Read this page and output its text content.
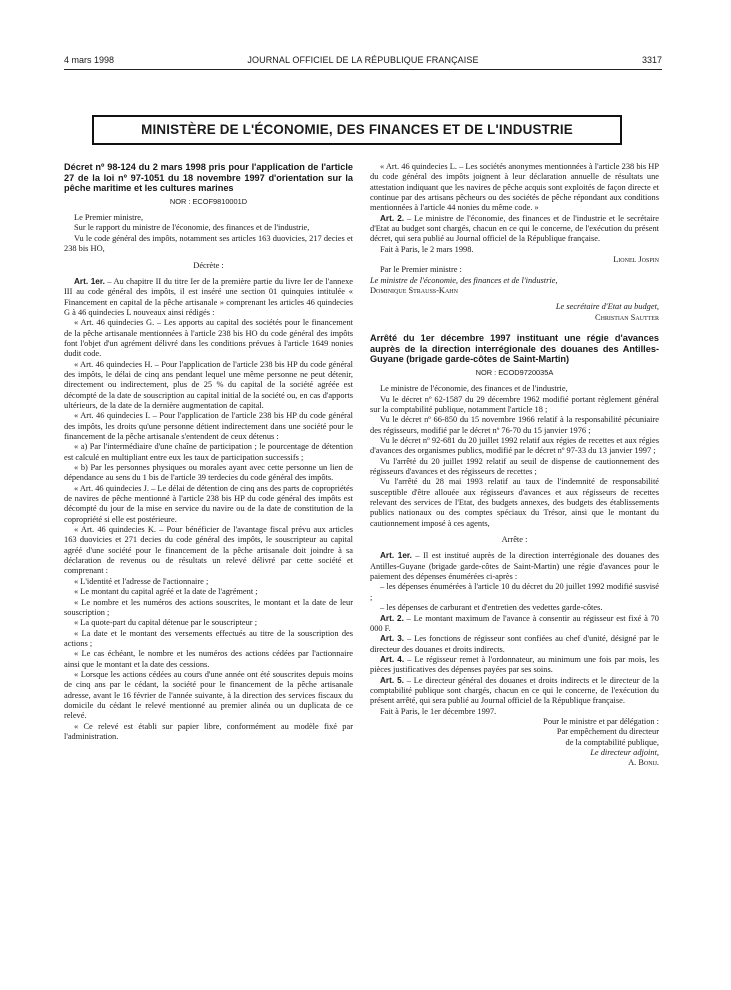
4 mars 1998	JOURNAL OFFICIEL DE LA RÉPUBLIQUE FRANÇAISE	3317
MINISTÈRE DE L'ÉCONOMIE, DES FINANCES ET DE L'INDUSTRIE

Décret nº 98-124 du 2 mars 1998 pris pour l'application de l'article 27 de la loi nº 97-1051 du 18 novembre 1997 d'orientation sur la pêche maritime et les cultures marines

NOR : ECOF9810001D

Le Premier ministre,

Sur le rapport du ministre de l'économie, des finances et de l'industrie,

Vu le code général des impôts, notamment ses articles 163 duovicies, 217 decies et 238 bis HO,

Décrète :

Art. 1er. – Au chapitre II du titre Ier de la première partie du livre Ier de l'annexe III au code général des impôts, il est inséré une section 01 quinquies intitulée « Financement en capital de la pêche artisanale » comprenant les articles 46 quindecies G à 46 quindecies L nouveaux ainsi rédigés :

« Art. 46 quindecies G. – Les apports au capital des sociétés pour le financement de la pêche artisanale mentionnées à l'article 238 bis HO du code général des impôts font l'objet d'un agrément délivré dans les conditions prévues à l'article 1649 nonies dudit code.

« Art. 46 quindecies H. – Pour l'application de l'article 238 bis HP du code général des impôts, le délai de cinq ans pendant lequel une même personne ne peut détenir, directement ou indirectement, plus de 25 % du capital de la société agréée est décompté de la date de souscription au capital initial de la société ou, en cas d'apports ultérieurs, de la date de la dernière augmentation de capital.

« Art. 46 quindecies I. – Pour l'application de l'article 238 bis HP du code général des impôts, les droits qu'une personne détient indirectement dans une société pour le financement de la pêche artisanale s'entendent de ceux détenus :

« a) Par l'intermédiaire d'une chaîne de participation ; le pourcentage de détention est calculé en multipliant entre eux les taux de participation successifs ;

« b) Par les personnes physiques ou morales ayant avec cette personne un lien de dépendance au sens du 1 bis de l'article 39 terdecies du code général des impôts.

« Art. 46 quindecies J. – Le délai de détention de cinq ans des parts de copropriétés de navires de pêche mentionné à l'article 238 bis HP du code général des impôts est décompté du jour de la mise en service du navire ou de la date de constitution de la copropriété si elle est postérieure.

« Art. 46 quindecies K. – Pour bénéficier de l'avantage fiscal prévu aux articles 163 duovicies et 271 decies du code général des impôts, le souscripteur au capital agréé d'une société pour le financement de la pêche artisanale doit joindre à sa déclaration de revenus ou de résultats un relevé délivré par cette société et comprenant :

« L'identité et l'adresse de l'actionnaire ;

« Le montant du capital agréé et la date de l'agrément ;

« Le nombre et les numéros des actions souscrites, le montant et la date de leur souscription ;

« La quote-part du capital détenue par le souscripteur ;

« La date et le montant des versements effectués au titre de la souscription des actions ;

« Le cas échéant, le nombre et les numéros des actions cédées par l'actionnaire ainsi que le montant et la date des cessions.

« Lorsque les actions cédées au cours d'une année ont été souscrites depuis moins de cinq ans par le cédant, la société pour le financement de la pêche artisanale adresse, avant le 16 février de l'année suivante, à la direction des services fiscaux du domicile du cédant le relevé mentionné au premier alinéa ou un duplicata de ce relevé.

« Ce relevé est établi sur papier libre, conformément au modèle fixé par l'administration.

« Art. 46 quindecies L. – Les sociétés anonymes mentionnées à l'article 238 bis HP du code général des impôts joignent à leur déclaration annuelle de résultats une attestation indiquant que les navires de pêche acquis sont exploités de façon directe et continue par des artisans pêcheurs ou des sociétés de pêche répondant aux conditions mentionnées à l'article 44 nonies du même code. »

Art. 2. – Le ministre de l'économie, des finances et de l'industrie et le secrétaire d'Etat au budget sont chargés, chacun en ce qui le concerne, de l'exécution du présent décret, qui sera publié au Journal officiel de la République française.

Fait à Paris, le 2 mars 1998.

Lionel Jospin

Par le Premier ministre :

Le ministre de l'économie, des finances et de l'industrie,

Dominique Strauss-Kahn

Le secrétaire d'Etat au budget,

Christian Sautter

Arrêté du 1er décembre 1997 instituant une régie d'avances auprès de la direction interrégionale des douanes des Antilles-Guyane (brigade garde-côtes de Saint-Martin)

NOR : ECOD9720035A

Le ministre de l'économie, des finances et de l'industrie,

Vu le décret nº 62-1587 du 29 décembre 1962 modifié portant règlement général sur la comptabilité publique, notamment l'article 18 ;

Vu le décret nº 66-850 du 15 novembre 1966 relatif à la responsabilité pécuniaire des régisseurs, modifié par le décret nº 76-70 du 15 janvier 1976 ;

Vu le décret nº 92-681 du 20 juillet 1992 relatif aux régies de recettes et aux régies d'avances des organismes publics, modifié par le décret nº 97-33 du 13 janvier 1997 ;

Vu l'arrêté du 20 juillet 1992 relatif au seuil de dispense de cautionnement des régisseurs d'avances et des régisseurs de recettes ;

Vu l'arrêté du 28 mai 1993 relatif au taux de l'indemnité de responsabilité susceptible d'être allouée aux régisseurs d'avances et aux régisseurs de recettes relevant des services de l'Etat, des budgets annexes, des budgets des établissements publics nationaux ou des comptes spéciaux du Trésor, ainsi que le montant du cautionnement imposé à ces agents,

Arrête :

Art. 1er. – Il est institué auprès de la direction interrégionale des douanes des Antilles-Guyane (brigade garde-côtes de Saint-Martin) une régie d'avances pour le paiement des dépenses énumérées ci-après :

– les dépenses énumérées à l'article 10 du décret du 20 juillet 1992 modifié susvisé ;

– les dépenses de carburant et d'entretien des vedettes garde-côtes.

Art. 2. – Le montant maximum de l'avance à consentir au régisseur est fixé à 70 000 F.

Art. 3. – Les fonctions de régisseur sont confiées au chef d'unité, désigné par le directeur des douanes et droits indirects.

Art. 4. – Le régisseur remet à l'ordonnateur, au minimum une fois par mois, les pièces justificatives des dépenses payées par ses soins.

Art. 5. – Le directeur général des douanes et droits indirects et le directeur de la comptabilité publique sont chargés, chacun en ce qui le concerne, de l'exécution du présent arrêté, qui sera publié au Journal officiel de la République française.

Fait à Paris, le 1er décembre 1997.

Pour le ministre et par délégation :

Par empêchement du directeur

de la comptabilité publique,

Le directeur adjoint,

A. Bonij.
